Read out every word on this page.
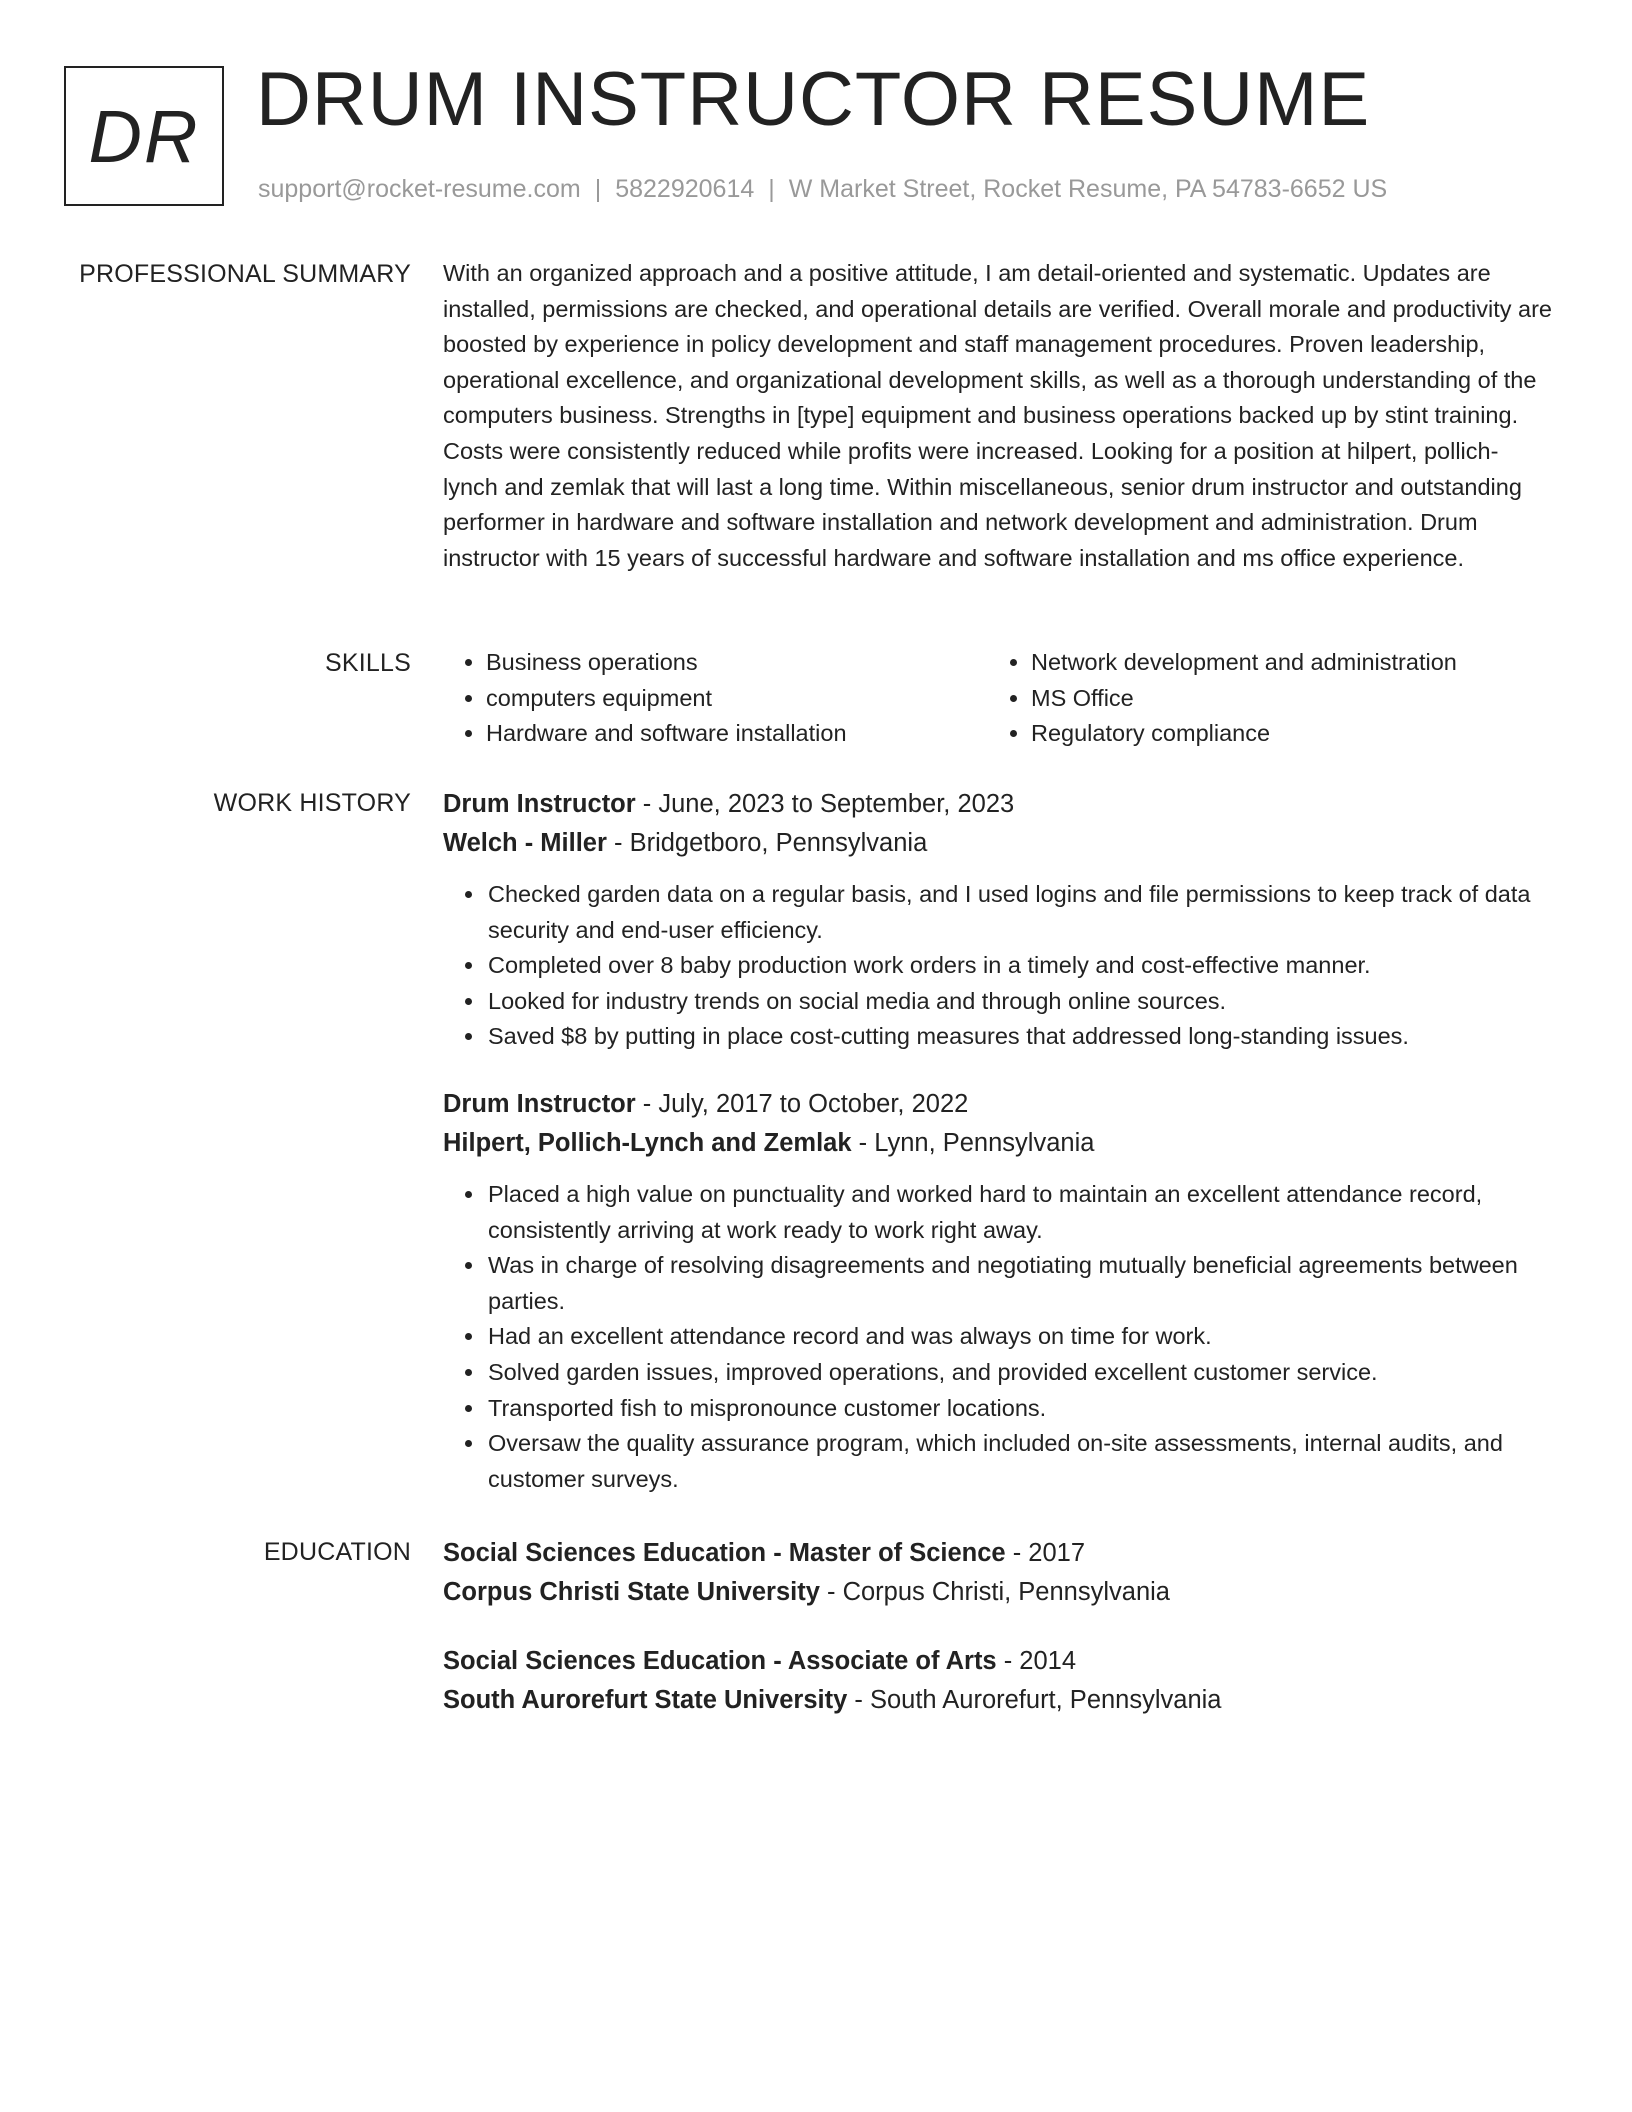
DR DRUM INSTRUCTOR RESUME
support@rocket-resume.com | 5822920614 | W Market Street, Rocket Resume, PA 54783-6652 US
PROFESSIONAL SUMMARY With an organized approach and a positive attitude, I am detail-oriented and systematic. Updates are installed, permissions are checked, and operational details are verified. Overall morale and productivity are boosted by experience in policy development and staff management procedures. Proven leadership, operational excellence, and organizational development skills, as well as a thorough understanding of the computers business. Strengths in [type] equipment and business operations backed up by stint training. Costs were consistently reduced while profits were increased. Looking for a position at hilpert, pollich-lynch and zemlak that will last a long time. Within miscellaneous, senior drum instructor and outstanding performer in hardware and software installation and network development and administration. Drum instructor with 15 years of successful hardware and software installation and ms office experience.

SKILLS
•	Business operations
• computers equipment
• Hardware and software installation
• Network development and administration
• MS Office
• Regulatory compliance
WORK HISTORY Drum Instructor - June, 2023 to September, 2023
Welch - Miller - Bridgetboro, Pennsylvania
• Checked garden data on a regular basis, and I used logins and file permissions to keep track of data security and end-user efficiency.
• Completed over 8 baby production work orders in a timely and cost-effective manner.
• Looked for industry trends on social media and through online sources.
• Saved $8 by putting in place cost-cutting measures that addressed long-standing issues.
Drum Instructor - July, 2017 to October, 2022
Hilpert, Pollich-Lynch and Zemlak - Lynn, Pennsylvania
• Placed a high value on punctuality and worked hard to maintain an excellent attendance record, consistently arriving at work ready to work right away.
• Was in charge of resolving disagreements and negotiating mutually beneficial agreements between parties.
• Had an excellent attendance record and was always on time for work.
• Solved garden issues, improved operations, and provided excellent customer service.
• Transported fish to mispronounce customer locations.
• Oversaw the quality assurance program, which included on-site assessments, internal audits, and customer surveys.
EDUCATION Social Sciences Education - Master of Science - 2017
Corpus Christi State University - Corpus Christi, Pennsylvania
Social Sciences Education - Associate of Arts - 2014
South Aurorefurt State University - South Aurorefurt, Pennsylvania
